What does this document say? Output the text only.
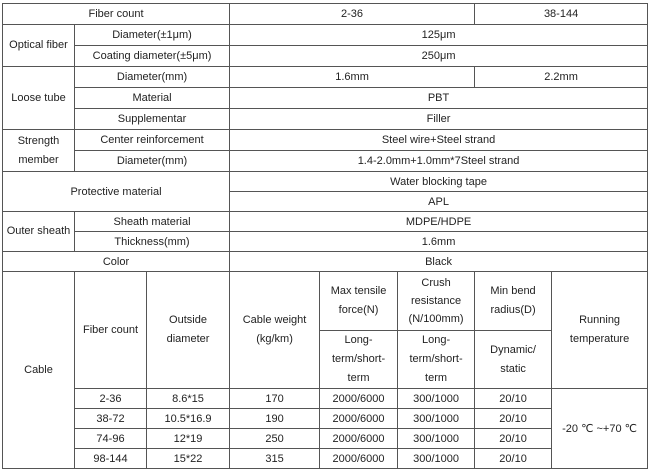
Fiber count			2-36			38-144	
Optical fiber	Diameter(±1μm)		125μm				
	Coating diameter(±5μm)		250μm				
Loose tube	Diameter(mm)		1.6mm			2.2mm	
	Material		PBT				
	Supplementar		Filler				
Strength member	Center reinforcement		Steel wire+Steel strand				
	Diameter(mm)		1.4-2.0mm+1.0mm*7Steel strand				
Protective material			Water blocking tape				
			APL				
Outer sheath	Sheath material		MDPE/HDPE				
	Thickness(mm)		1.6mm				
Color			Black				
Cable	Fiber count	Outside diameter	Cable weight (kg/km)	Max tensile force(N)	Crush resistance (N/100mm)	Min bend radius(D)	Running temperature
				Long-term/short-term	Long-term/short-term	Dynamic/ static	
	2-36	8.6*15	170	2000/6000	300/1000	20/10	-20 ℃ ~+70 ℃
	38-72	10.5*16.9	190	2000/6000	300/1000	20/10	
	74-96	12*19	250	2000/6000	300/1000	20/10	
	98-144	15*22	315	2000/6000	300/1000	20/10	
